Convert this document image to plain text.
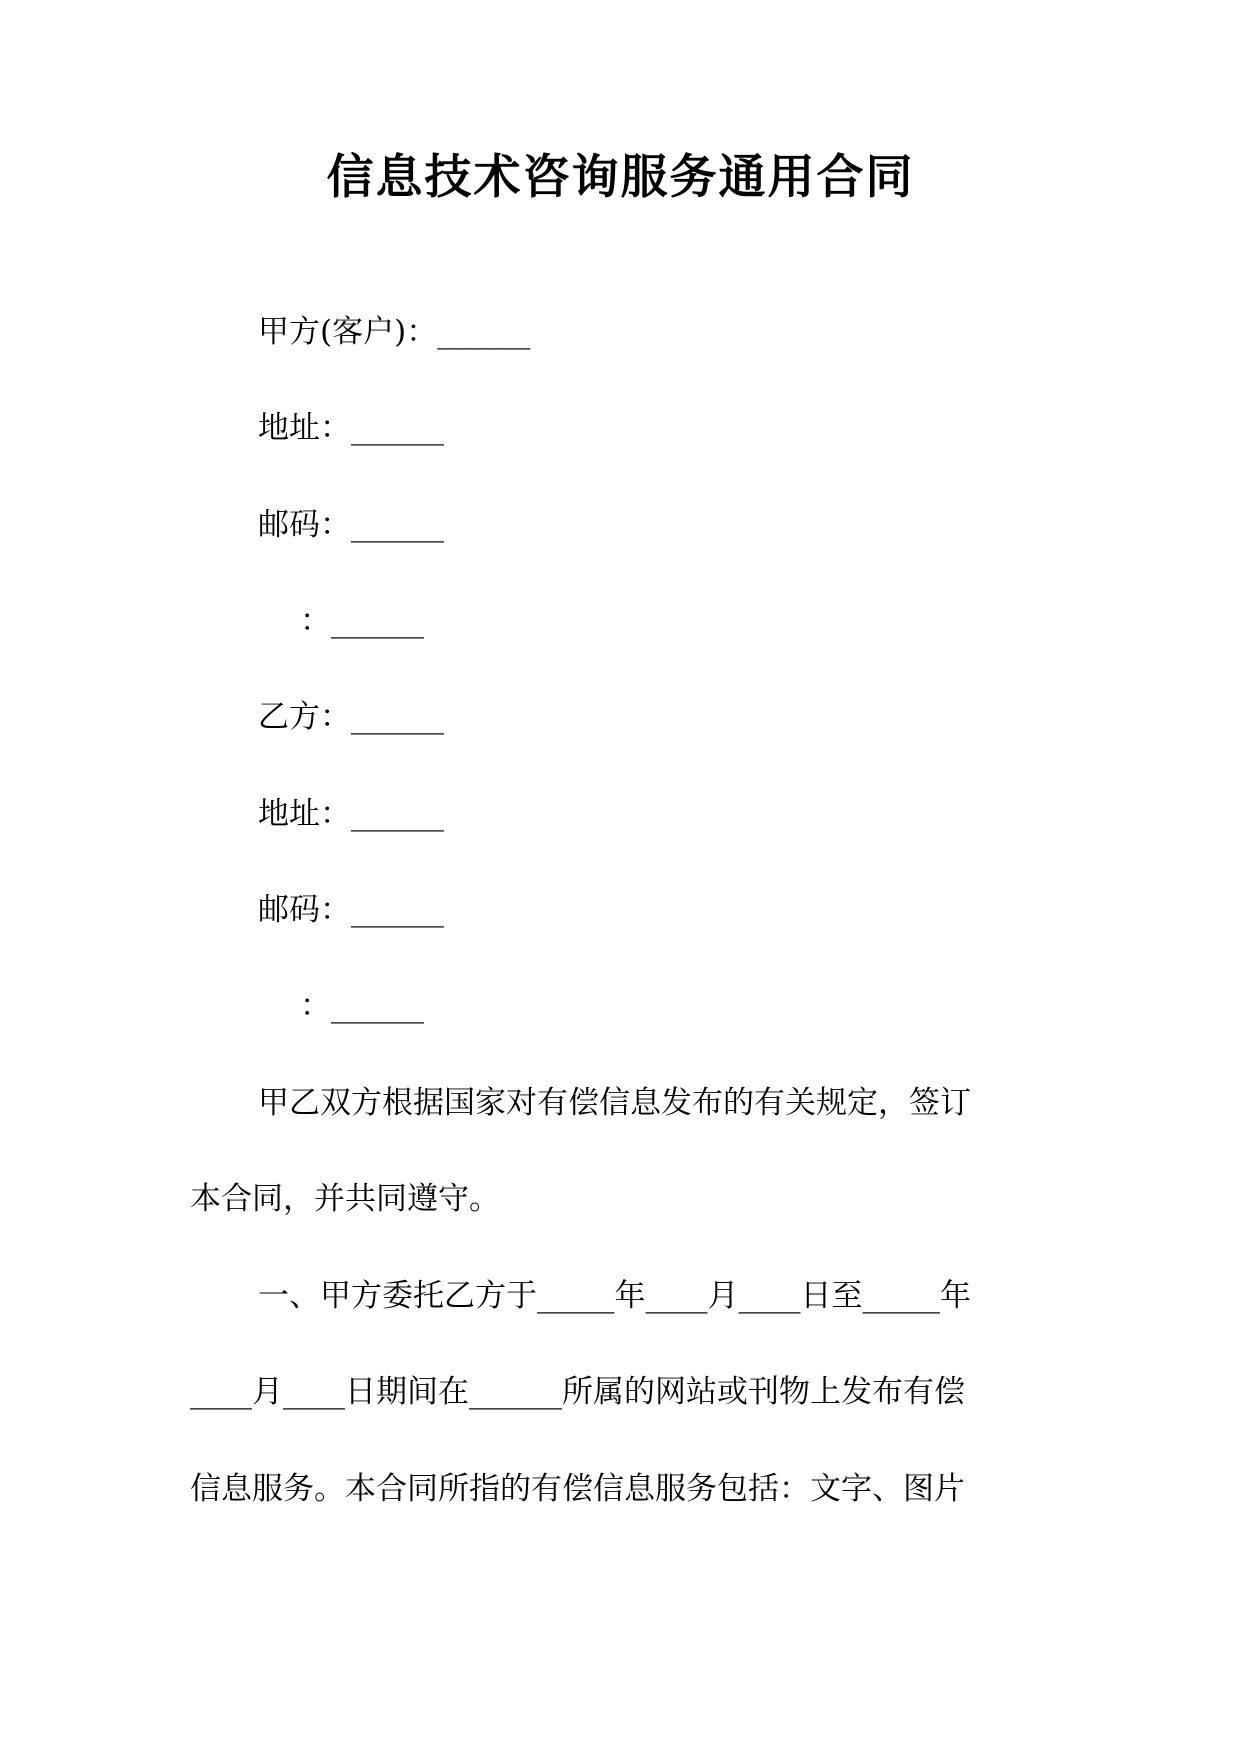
信息技术咨询服务通用合同

甲方(客户)：______

地址：______

邮码：______

：______

乙方：______

地址：______

邮码：______

：______

甲乙双方根据国家对有偿信息发布的有关规定，签订

本合同，并共同遵守。

一、甲方委托乙方于_____年____月____日至_____年

____月____日期间在______所属的网站或刊物上发布有偿

信息服务。本合同所指的有偿信息服务包括：文字、图片
